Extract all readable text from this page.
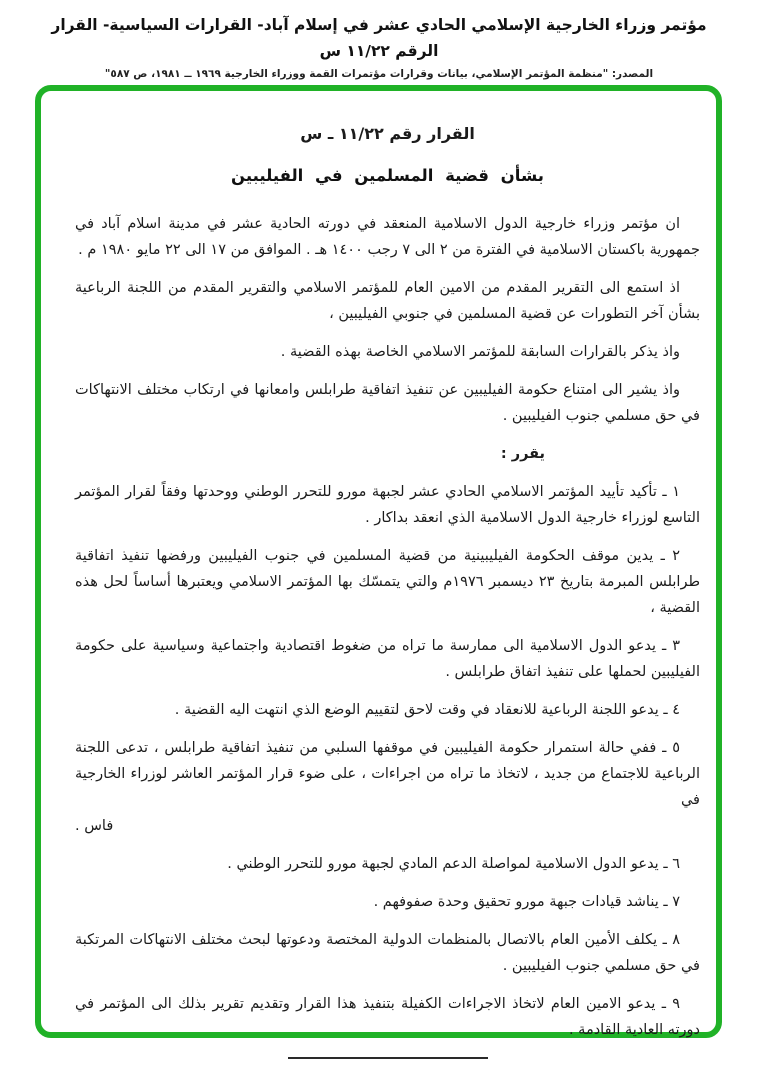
مؤتمر وزراء الخارجية الإسلامي الحادي عشر في إسلام آباد- القرارات السياسية- القرار الرقم ١١/٢٢ س
المصدر: "منظمة المؤتمر الإسلامي، بيانات وقرارات مؤتمرات القمة ووزراء الخارجية ١٩٦٩ ــ ١٩٨١، ص ٥٨٧"
القرار رقم ١١/٢٢ ـ س
بشأن قضية المسلمين في الفيليبين
ان مؤتمر وزراء خارجية الدول الاسلامية المنعقد في دورته الحادية عشر في مدينة اسلام آباد في جمهورية باكستان الاسلامية في الفترة من ٢ الى ٧ رجب ١٤٠٠ هـ . الموافق من ١٧ الى ٢٢ مايو ١٩٨٠ م .
اذ استمع الى التقرير المقدم من الامين العام للمؤتمر الاسلامي والتقرير المقدم من اللجنة الرباعية بشأن آخر التطورات عن قضية المسلمين في جنوبي الفيليبين ،
واذ يذكر بالقرارات السابقة للمؤتمر الاسلامي الخاصة بهذه القضية .
واذ يشير الى امتناع حكومة الفيليبين عن تنفيذ اتفاقية طرابلس وامعانها في ارتكاب مختلف الانتهاكات في حق مسلمي جنوب الفيليبين .
يقرر :
١ ـ تأكيد تأييد المؤتمر الاسلامي الحادي عشر لجبهة مورو للتحرر الوطني ووحدتها وفقاً لقرار المؤتمر التاسع لوزراء خارجية الدول الاسلامية الذي انعقد بداكار .
٢ ـ يدين موقف الحكومة الفيليبينية من قضية المسلمين في جنوب الفيليبين ورفضها تنفيذ اتفاقية طرابلس المبرمة بتاريخ ٢٣ ديسمبر ١٩٧٦م والتي يتمسّك بها المؤتمر الاسلامي ويعتبرها أساساً لحل هذه القضية ،
٣ ـ يدعو الدول الاسلامية الى ممارسة ما تراه من ضغوط اقتصادية واجتماعية وسياسية على حكومة الفيليبين لحملها على تنفيذ اتفاق طرابلس .
٤ ـ يدعو اللجنة الرباعية للانعقاد في وقت لاحق لتقييم الوضع الذي انتهت اليه القضية .
٥ ـ ففي حالة استمرار حكومة الفيليبين في موقفها السلبي من تنفيذ اتفاقية طرابلس ، تدعى اللجنة الرباعية للاجتماع من جديد ، لاتخاذ ما تراه من اجراءات ، على ضوء قرار المؤتمر العاشر لوزراء الخارجية في
فاس .
٦ ـ يدعو الدول الاسلامية لمواصلة الدعم المادي لجبهة مورو للتحرر الوطني .
٧ ـ يناشد قيادات جبهة مورو تحقيق وحدة صفوفهم .
٨ ـ يكلف الأمين العام بالاتصال بالمنظمات الدولية المختصة ودعوتها لبحث مختلف الانتهاكات المرتكبة في حق مسلمي جنوب الفيليبين .
٩ ـ يدعو الامين العام لاتخاذ الاجراءات الكفيلة بتنفيذ هذا القرار وتقديم تقرير بذلك الى المؤتمر في دورته العادية القادمة .
